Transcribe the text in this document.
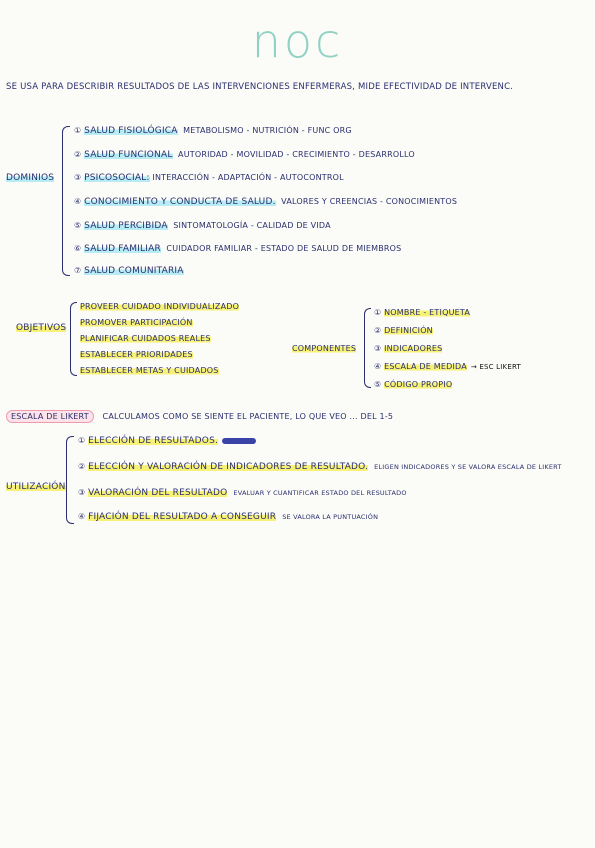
noc
SE USA PARA DESCRIBIR RESULTADOS DE LAS INTERVENCIONES ENFERMERAS, MIDE EFECTIVIDAD DE INTERVENC.
DOMINIOS
① SALUD FISIOLÓGICA METABOLISMO - NUTRICIÓN - FUNC ORG
② SALUD FUNCIONAL AUTORIDAD - MOVILIDAD - CRECIMIENTO - DESARROLLO
③ PSICOSOCIAL: INTERACCIÓN - ADAPTACIÓN - AUTOCONTROL
④ CONOCIMIENTO Y CONDUCTA DE SALUD. VALORES Y CREENCIAS - CONOCIMIENTOS
⑤ SALUD PERCIBIDA SINTOMATOLOGÍA - CALIDAD DE VIDA
⑥ SALUD FAMILIAR CUIDADOR FAMILIAR - ESTADO DE SALUD DE MIEMBROS
⑦ SALUD COMUNITARIA
OBJETIVOS
PROVEER CUIDADO INDIVIDUALIZADO
PROMOVER PARTICIPACIÓN
PLANIFICAR CUIDADOS REALES
ESTABLECER PRIORIDADES
ESTABLECER METAS Y CUIDADOS
COMPONENTES
① NOMBRE - ETIQUETA
② DEFINICIÓN
③ INDICADORES
④ ESCALA DE MEDIDA → ESC LIKERT
⑤ CÓDIGO PROPIO
ESCALA DE LIKERT CALCULAMOS COMO SE SIENTE EL PACIENTE, LO QUE VEO ... DEL 1-5
UTILIZACIÓN
① ELECCIÓN DE RESULTADOS.
② ELECCIÓN Y VALORACIÓN DE INDICADORES DE RESULTADO. ELIGEN INDICADORES Y SE VALORA ESCALA DE LIKERT
③ VALORACIÓN DEL RESULTADO EVALUAR Y CUANTIFICAR ESTADO DEL RESULTADO
④ FIJACIÓN DEL RESULTADO A CONSEGUIR SE VALORA LA PUNTUACIÓN
